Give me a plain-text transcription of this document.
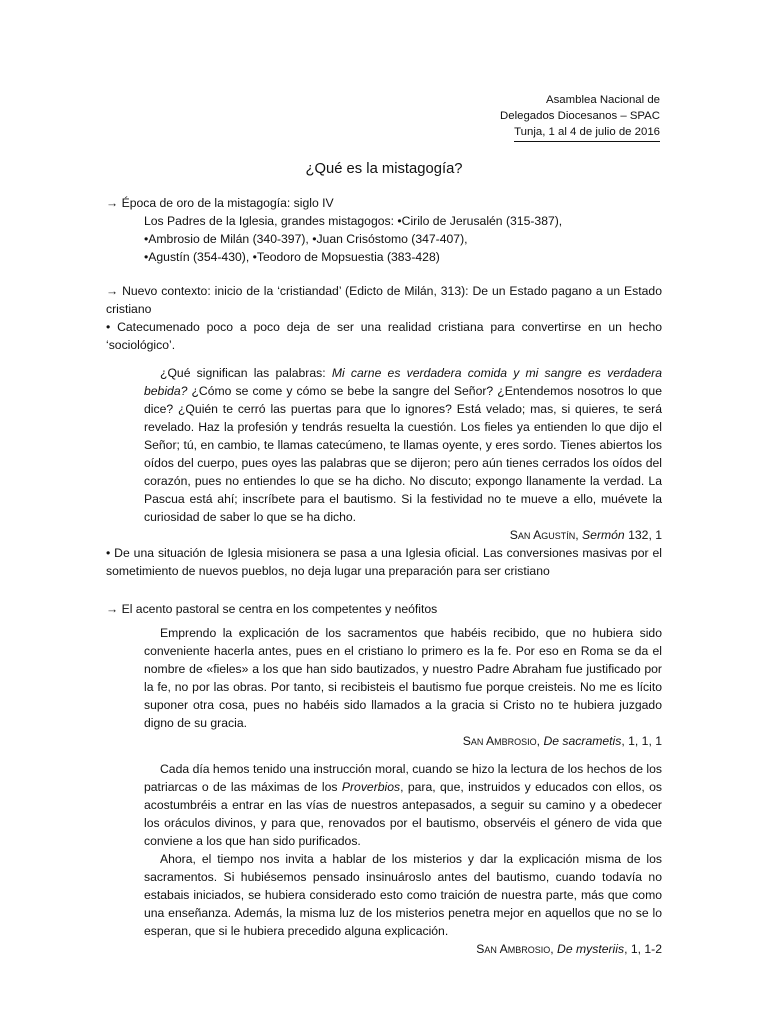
Asamblea Nacional de
Delegados Diocesanos – SPAC
Tunja, 1 al 4 de julio de 2016
¿Qué es la mistagogía?

→ Época de oro de la mistagogía: siglo IV

Los Padres de la Iglesia, grandes mistagogos: •Cirilo de Jerusalén (315-387),

•Ambrosio de Milán (340-397), •Juan Crisóstomo (347-407),

•Agustín (354-430), •Teodoro de Mopsuestia (383-428)

→ Nuevo contexto: inicio de la ‘cristiandad’ (Edicto de Milán, 313): De un Estado pagano a un Estado cristiano

• Catecumenado poco a poco deja de ser una realidad cristiana para convertirse en un hecho ‘sociológico’.

¿Qué significan las palabras: Mi carne es verdadera comida y mi sangre es verdadera bebida? ¿Cómo se come y cómo se bebe la sangre del Señor? ¿Entendemos nosotros lo que dice? ¿Quién te cerró las puertas para que lo ignores? Está velado; mas, si quieres, te será revelado. Haz la profesión y tendrás resuelta la cuestión. Los fieles ya entienden lo que dijo el Señor; tú, en cambio, te llamas catecúmeno, te llamas oyente, y eres sordo. Tienes abiertos los oídos del cuerpo, pues oyes las palabras que se dijeron; pero aún tienes cerrados los oídos del corazón, pues no entiendes lo que se ha dicho. No discuto; expongo llanamente la verdad. La Pascua está ahí; inscríbete para el bautismo. Si la festividad no te mueve a ello, muévete la curiosidad de saber lo que se ha dicho.

San Agustín, Sermón 132, 1

• De una situación de Iglesia misionera se pasa a una Iglesia oficial. Las conversiones masivas por el sometimiento de nuevos pueblos, no deja lugar una preparación para ser cristiano

→ El acento pastoral se centra en los competentes y neófitos

Emprendo la explicación de los sacramentos que habéis recibido, que no hubiera sido conveniente hacerla antes, pues en el cristiano lo primero es la fe. Por eso en Roma se da el nombre de «fieles» a los que han sido bautizados, y nuestro Padre Abraham fue justificado por la fe, no por las obras. Por tanto, si recibisteis el bautismo fue porque creisteis. No me es lícito suponer otra cosa, pues no habéis sido llamados a la gracia si Cristo no te hubiera juzgado digno de su gracia.

San Ambrosio, De sacrametis, 1, 1, 1

Cada día hemos tenido una instrucción moral, cuando se hizo la lectura de los hechos de los patriarcas o de las máximas de los Proverbios, para, que, instruidos y educados con ellos, os acostumbréis a entrar en las vías de nuestros antepasados, a seguir su camino y a obedecer los oráculos divinos, y para que, renovados por el bautismo, observéis el género de vida que conviene a los que han sido purificados.

Ahora, el tiempo nos invita a hablar de los misterios y dar la explicación misma de los sacramentos. Si hubiésemos pensado insinuároslo antes del bautismo, cuando todavía no estabais iniciados, se hubiera considerado esto como traición de nuestra parte, más que como una enseñanza. Además, la misma luz de los misterios penetra mejor en aquellos que no se lo esperan, que si le hubiera precedido alguna explicación.

San Ambrosio, De mysteriis, 1, 1-2
